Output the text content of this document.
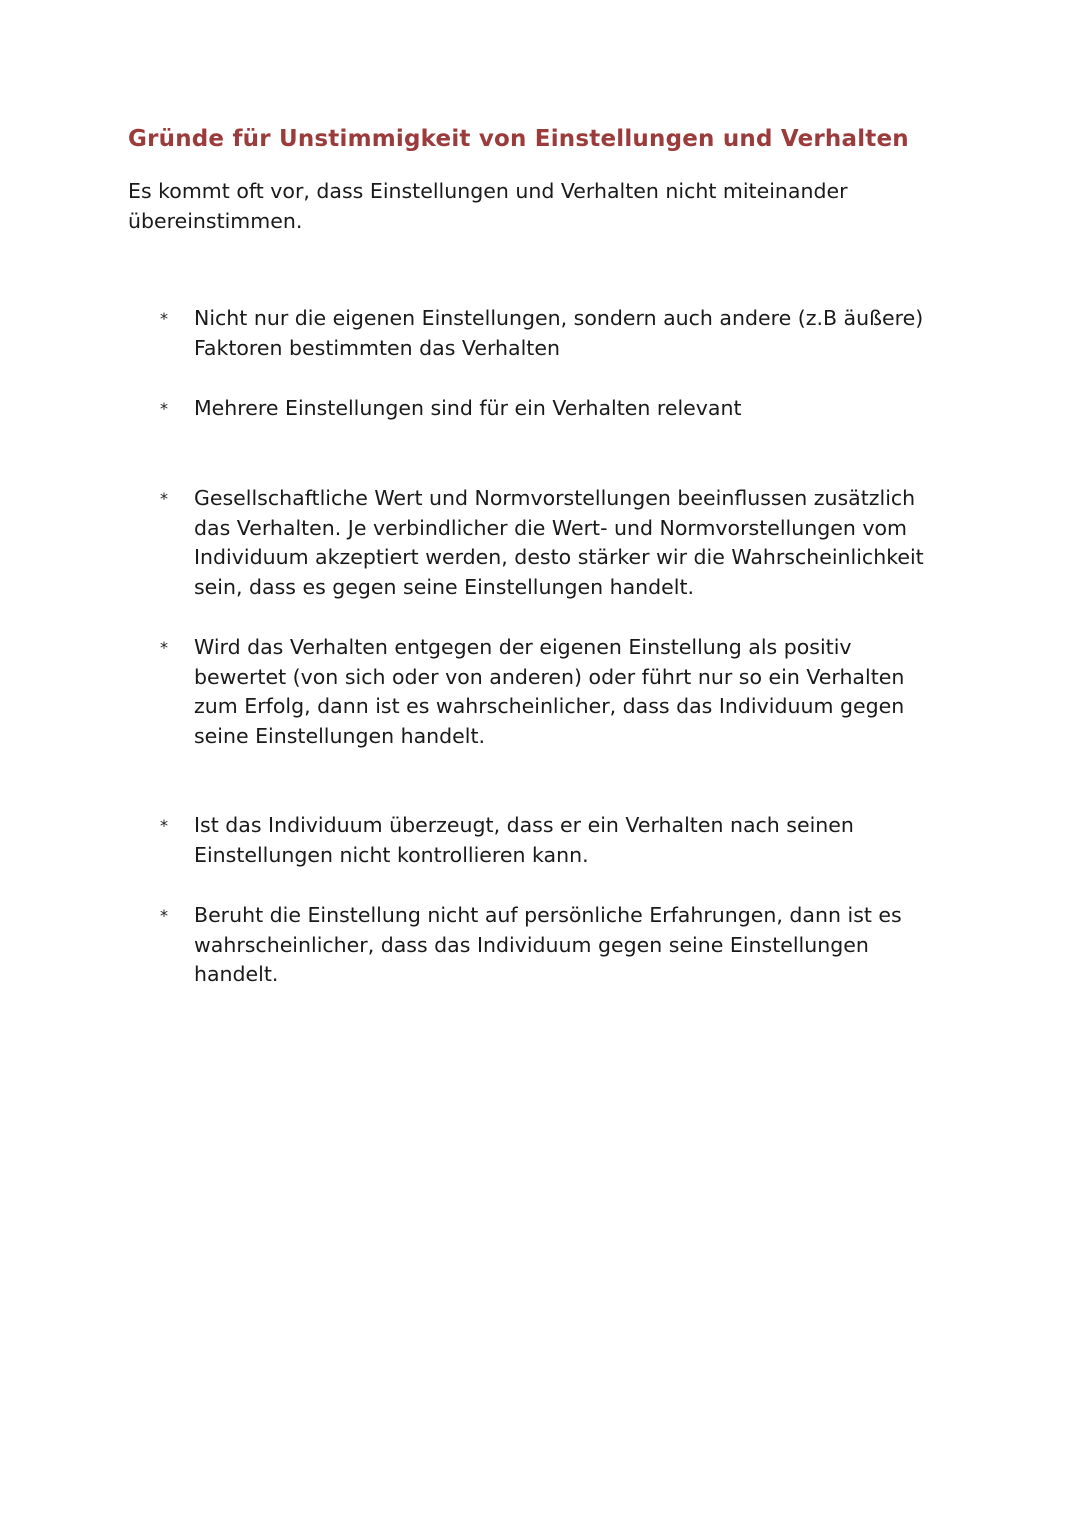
Gründe für Unstimmigkeit von Einstellungen und Verhalten

Es kommt oft vor, dass Einstellungen und Verhalten nicht miteinander
übereinstimmen.

* Nicht nur die eigenen Einstellungen, sondern auch andere (z.B äußere)
Faktoren bestimmten das Verhalten
* Mehrere Einstellungen sind für ein Verhalten relevant
* Gesellschaftliche Wert und Normvorstellungen beeinflussen zusätzlich
das Verhalten. Je verbindlicher die Wert- und Normvorstellungen vom
Individuum akzeptiert werden, desto stärker wir die Wahrscheinlichkeit
sein, dass es gegen seine Einstellungen handelt.
* Wird das Verhalten entgegen der eigenen Einstellung als positiv
bewertet (von sich oder von anderen) oder führt nur so ein Verhalten
zum Erfolg, dann ist es wahrscheinlicher, dass das Individuum gegen
seine Einstellungen handelt.
* Ist das Individuum überzeugt, dass er ein Verhalten nach seinen
Einstellungen nicht kontrollieren kann.
* Beruht die Einstellung nicht auf persönliche Erfahrungen, dann ist es
wahrscheinlicher, dass das Individuum gegen seine Einstellungen
handelt.
